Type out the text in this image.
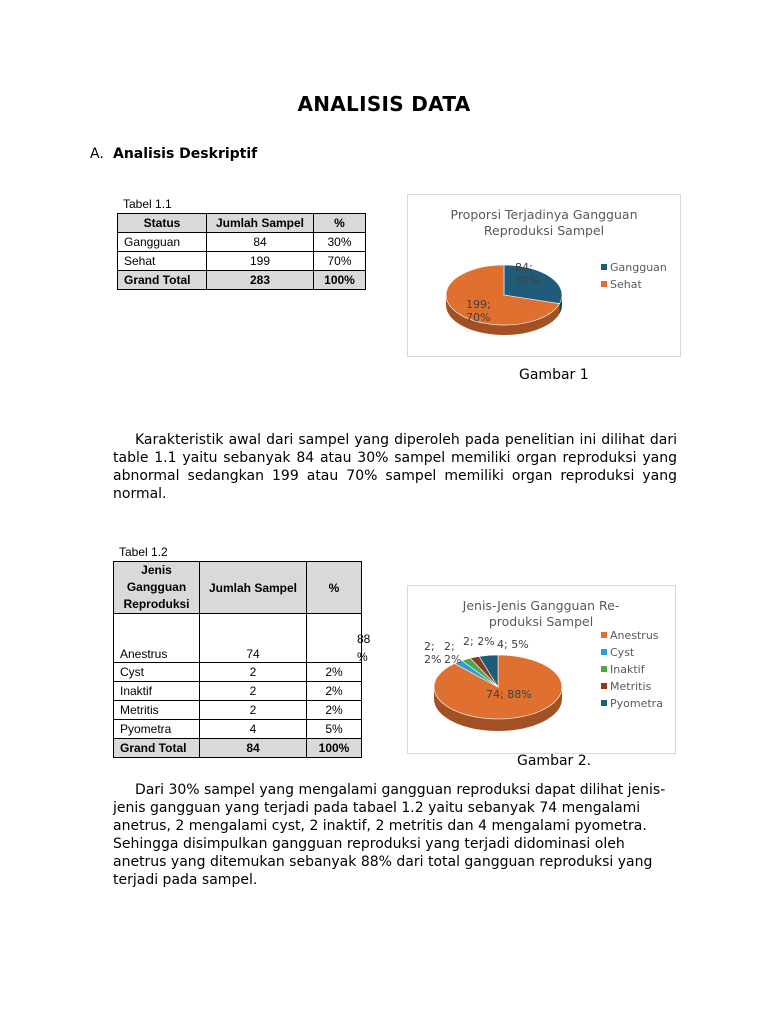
ANALISIS DATA
A. Analisis Deskriptif
Tabel 1.1
Status	Jumlah Sampel	%
Gangguan	84	30%
Sehat	199	70%
Grand Total	283	100%
Proporsi Terjadinya Gangguan
Reproduksi Sampel
84;
30%
199;
70%
Gangguan
Sehat
Gambar 1
Karakteristik awal dari sampel yang diperoleh pada penelitian ini dilihat dari table 1.1 yaitu sebanyak 84 atau 30% sampel memiliki organ reproduksi yang abnormal sedangkan 199 atau 70% sampel memiliki organ reproduksi yang normal.
Tabel 1.2
Jenis Gangguan Reproduksi	Jumlah Sampel	%
Anestrus	74	88 %

Cyst	2	2%
Inaktif	2	2%
Metritis	2	2%
Pyometra	4	5%
Grand Total	84	100%
Jenis-Jenis Gangguan Re-
produksi Sampel
74; 88%
2;
2%
2;
2%
2; 2% 4; 5%
Anestrus
Cyst
Inaktif
Metritis
Pyometra
Gambar 2.
Dari 30% sampel yang mengalami gangguan reproduksi dapat dilihat jenis-jenis gangguan yang terjadi pada tabael 1.2 yaitu sebanyak 74 mengalami anetrus, 2 mengalami cyst, 2 inaktif, 2 metritis dan 4 mengalami pyometra. Sehingga disimpulkan gangguan reproduksi yang terjadi didominasi oleh anetrus yang ditemukan sebanyak 88% dari total gangguan reproduksi yang terjadi pada sampel.
